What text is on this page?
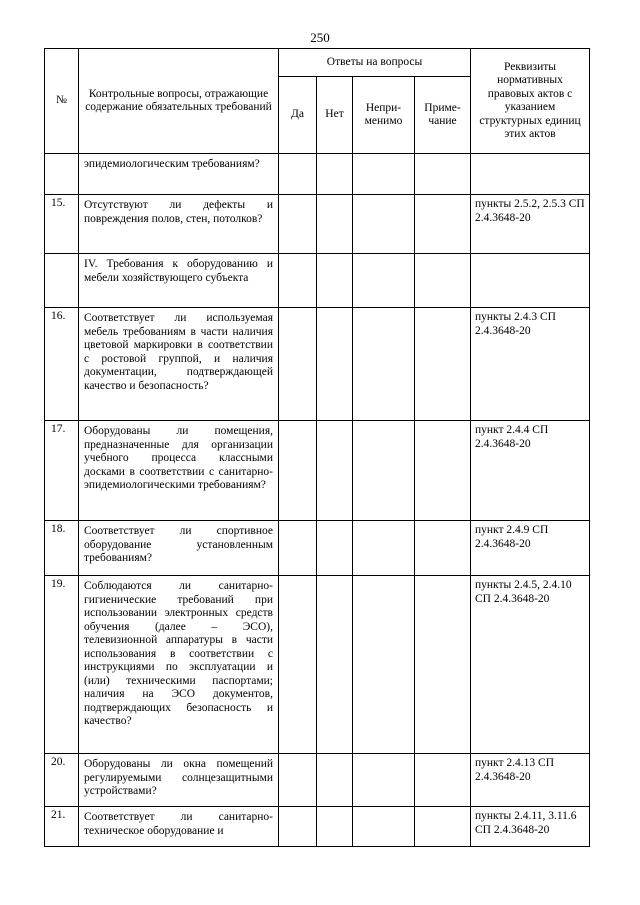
250
№	Контрольные вопросы, отражающие содержание обязательных требований	Ответы на вопросы				Реквизиты нормативных правовых актов с указанием структурных единиц этих актов
		Да	Нет	Непри-менимо	Приме-чание	
	эпидемиологическим требованиям?					
15.	Отсутствуют ли дефекты и повреждения полов, стен, потолков?					пункты 2.5.2, 2.5.3 СП 2.4.3648-20
	IV. Требования к оборудованию и мебели хозяйствующего субъекта					
16.	Соответствует ли используемая мебель требованиям в части наличия цветовой маркировки в соответствии с ростовой группой, и наличия документации, подтверждающей качество и безопасность?					пункты 2.4.3 СП 2.4.3648-20
17.	Оборудованы ли помещения, предназначенные для организации учебного процесса классными досками в соответствии с санитарно-эпидемиологическими требованиям?					пункт 2.4.4 СП 2.4.3648-20
18.	Соответствует ли спортивное оборудование установленным требованиям?					пункт 2.4.9 СП 2.4.3648-20
19.	Соблюдаются ли санитарно-гигиенические требований при использовании электронных средств обучения (далее – ЭСО), телевизионной аппаратуры в части использования в соответствии с инструкциями по эксплуатации и (или) техническими паспортами; наличия на ЭСО документов, подтверждающих безопасность и качество?					пункты 2.4.5, 2.4.10 СП 2.4.3648-20
20.	Оборудованы ли окна помещений регулируемыми солнцезащитными устройствами?					пункт 2.4.13 СП 2.4.3648-20
21.	Соответствует ли санитарно-техническое оборудование и					пункты 2.4.11, 3.11.6 СП 2.4.3648-20
